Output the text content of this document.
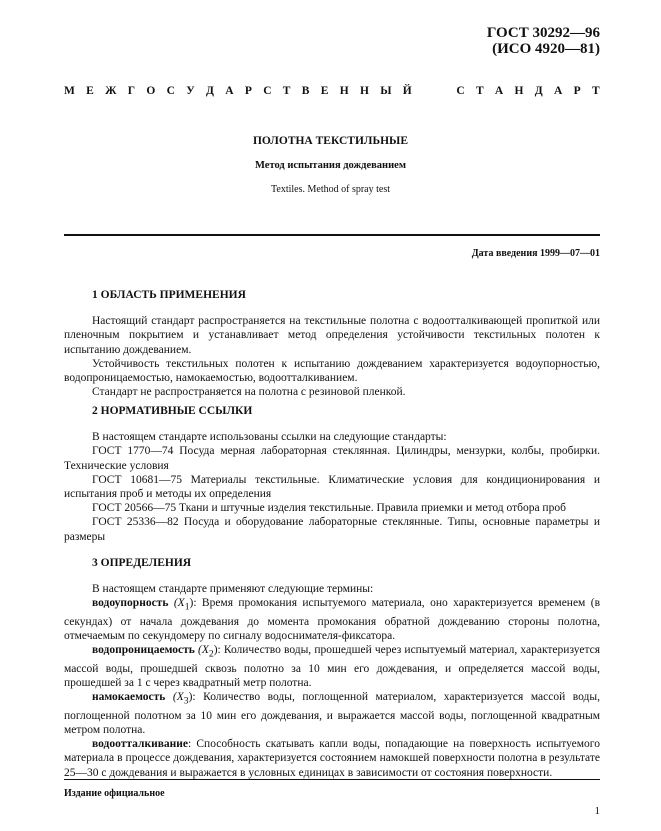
ГОСТ 30292—96
(ИСО 4920—81)
М Е Ж Г О С У Д А Р С Т В Е Н Н Ы Й	С Т А Н Д А Р Т
ПОЛОТНА ТЕКСТИЛЬНЫЕ
Метод испытания дождеванием
Textiles. Method of spray test
Дата введения 1999—07—01

1 ОБЛАСТЬ ПРИМЕНЕНИЯ

Настоящий стандарт распространяется на текстильные полотна с водоотталкивающей пропиткой или пленочным покрытием и устанавливает метод определения устойчивости текстильных полотен к испытанию дождеванием.

Устойчивость текстильных полотен к испытанию дождеванием характеризуется водоупорностью, водопроницаемостью, намокаемостью, водоотталкиванием.

Стандарт не распространяется на полотна с резиновой пленкой.

2 НОРМАТИВНЫЕ ССЫЛКИ

В настоящем стандарте использованы ссылки на следующие стандарты:

ГОСТ 1770—74 Посуда мерная лабораторная стеклянная. Цилиндры, мензурки, колбы, пробирки. Технические условия

ГОСТ 10681—75 Материалы текстильные. Климатические условия для кондиционирования и испытания проб и методы их определения

ГОСТ 20566—75 Ткани и штучные изделия текстильные. Правила приемки и метод отбора проб

ГОСТ 25336—82 Посуда и оборудование лабораторные стеклянные. Типы, основные параметры и размеры

3 ОПРЕДЕЛЕНИЯ

В настоящем стандарте применяют следующие термины:

водоупорность $(X_1)$: Время промокания испытуемого материала, оно характеризуется временем (в секундах) от начала дождевания до момента промокания обратной дождеванию стороны полотна, отмечаемым по секундомеру по сигналу водоснимателя-фиксатора.

водопроницаемость $(X_2)$: Количество воды, прошедшей через испытуемый материал, характеризуется массой воды, прошедшей сквозь полотно за 10 мин его дождевания, и определяется массой воды, прошедшей за 1 с через квадратный метр полотна.

намокаемость $(X_3)$: Количество воды, поглощенной материалом, характеризуется массой воды, поглощенной полотном за 10 мин его дождевания, и выражается массой воды, поглощенной квадратным метром полотна.

водоотталкивание: Способность скатывать капли воды, попадающие на поверхность испытуемого материала в процессе дождевания, характеризуется состоянием намокшей поверхности полотна в результате 25—30 с дождевания и выражается в условных единицах в зависимости от состояния поверхности.

Издание официальное
1
